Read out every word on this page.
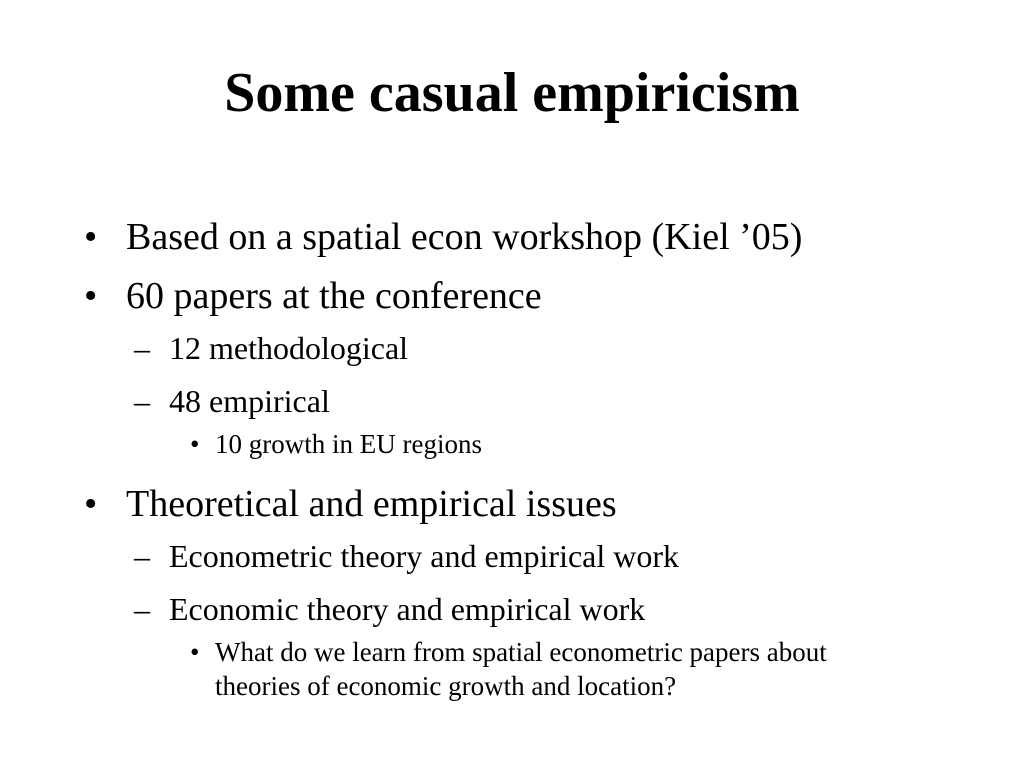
Some casual empiricism
• Based on a spatial econ workshop (Kiel ’05)
• 60 papers at the conference
– 12 methodological
– 48 empirical
• 10 growth in EU regions
• Theoretical and empirical issues
– Econometric theory and empirical work
– Economic theory and empirical work
• What do we learn from spatial econometric papers about theories of economic growth and location?
